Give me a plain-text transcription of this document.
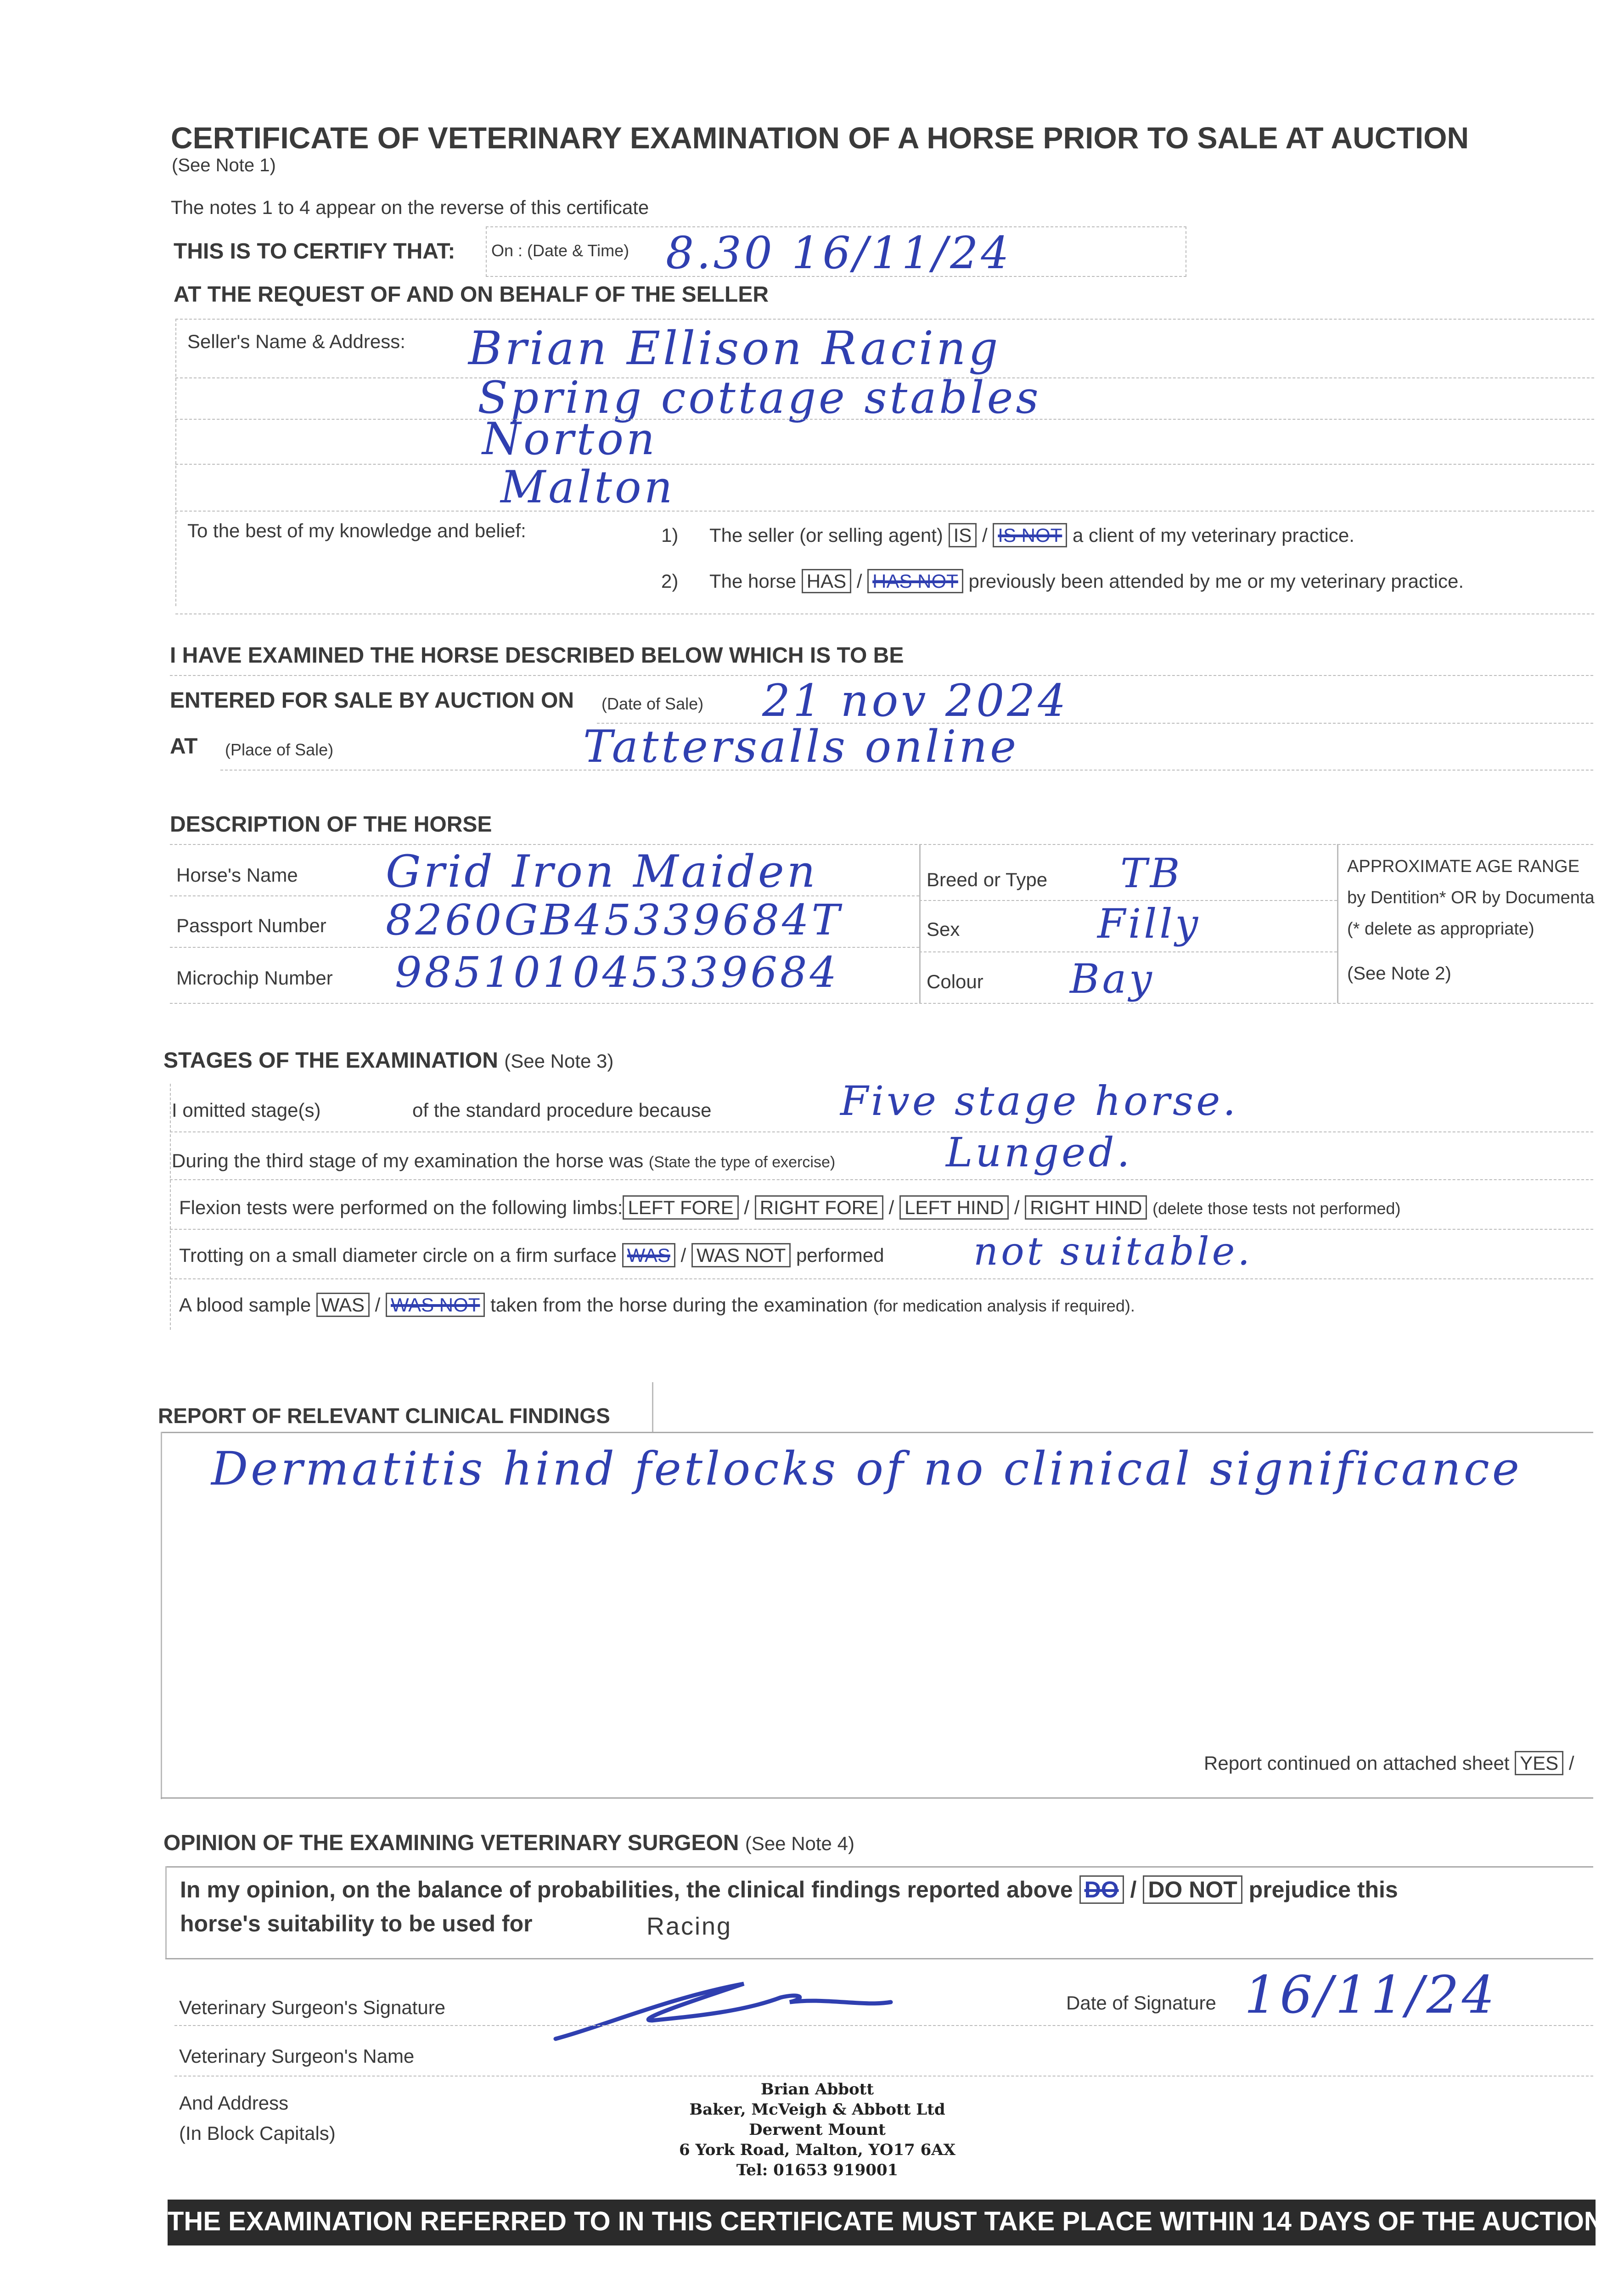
CERTIFICATE OF VETERINARY EXAMINATION OF A HORSE PRIOR TO SALE AT AUCTION
(See Note 1)
The notes 1 to 4 appear on the reverse of this certificate
THIS IS TO CERTIFY THAT: On : (Date & Time) 8.30 16/11/24
AT THE REQUEST OF AND ON BEHALF OF THE SELLER
Seller's Name & Address: Brian Ellison Racing
Spring cottage stables
Norton
Malton
To the best of my knowledge and belief:	1) The seller (or selling agent) IS / IS NOT a client of my veterinary practice.
2) The horse HAS / HAS NOT previously been attended by me or my veterinary practice.
I HAVE EXAMINED THE HORSE DESCRIBED BELOW WHICH IS TO BE
ENTERED FOR SALE BY AUCTION ON (Date of Sale) 21 nov 2024
AT (Place of Sale)	Tattersalls online
DESCRIPTION OF THE HORSE
Horse's Name Grid Iron Maiden
Passport Number 8260GB45339684T
Microchip Number 985101045339684
Breed or Type TB
Sex	Filly
Colour Bay
APPROXIMATE AGE RANGE
by Dentition* OR by Documenta
(* delete as appropriate)
(See Note 2)
STAGES OF THE EXAMINATION (See Note 3)
I omitted stage(s)	of the standard procedure because	Five stage horse.
During the third stage of my examination the horse was (State the type of exercise)	Lunged.
Flexion tests were performed on the following limbs: LEFT FORE / RIGHT FORE / LEFT HIND / RIGHT HIND (delete those tests not performed)
Trotting on a small diameter circle on a firm surface WAS / WAS NOT performed not suitable.
A blood sample WAS / WAS NOT taken from the horse during the examination (for medication analysis if required).
REPORT OF RELEVANT CLINICAL FINDINGS
Dermatitis hind fetlocks of no clinical significance
Report continued on attached sheet YES /
OPINION OF THE EXAMINING VETERINARY SURGEON (See Note 4)
In my opinion, on the balance of probabilities, the clinical findings reported above DO / DO NOT prejudice this
horse's suitability to be used for	Racing
Veterinary Surgeon's Signature	Date of Signature 16/11/24
Veterinary Surgeon's Name
And Address
(In Block Capitals)
Brian Abbott
Baker, McVeigh & Abbott Ltd
Derwent Mount
6 York Road, Malton, YO17 6AX
Tel: 01653 919001
THE EXAMINATION REFERRED TO IN THIS CERTIFICATE MUST TAKE PLACE WITHIN 14 DAYS OF THE AUCTION
